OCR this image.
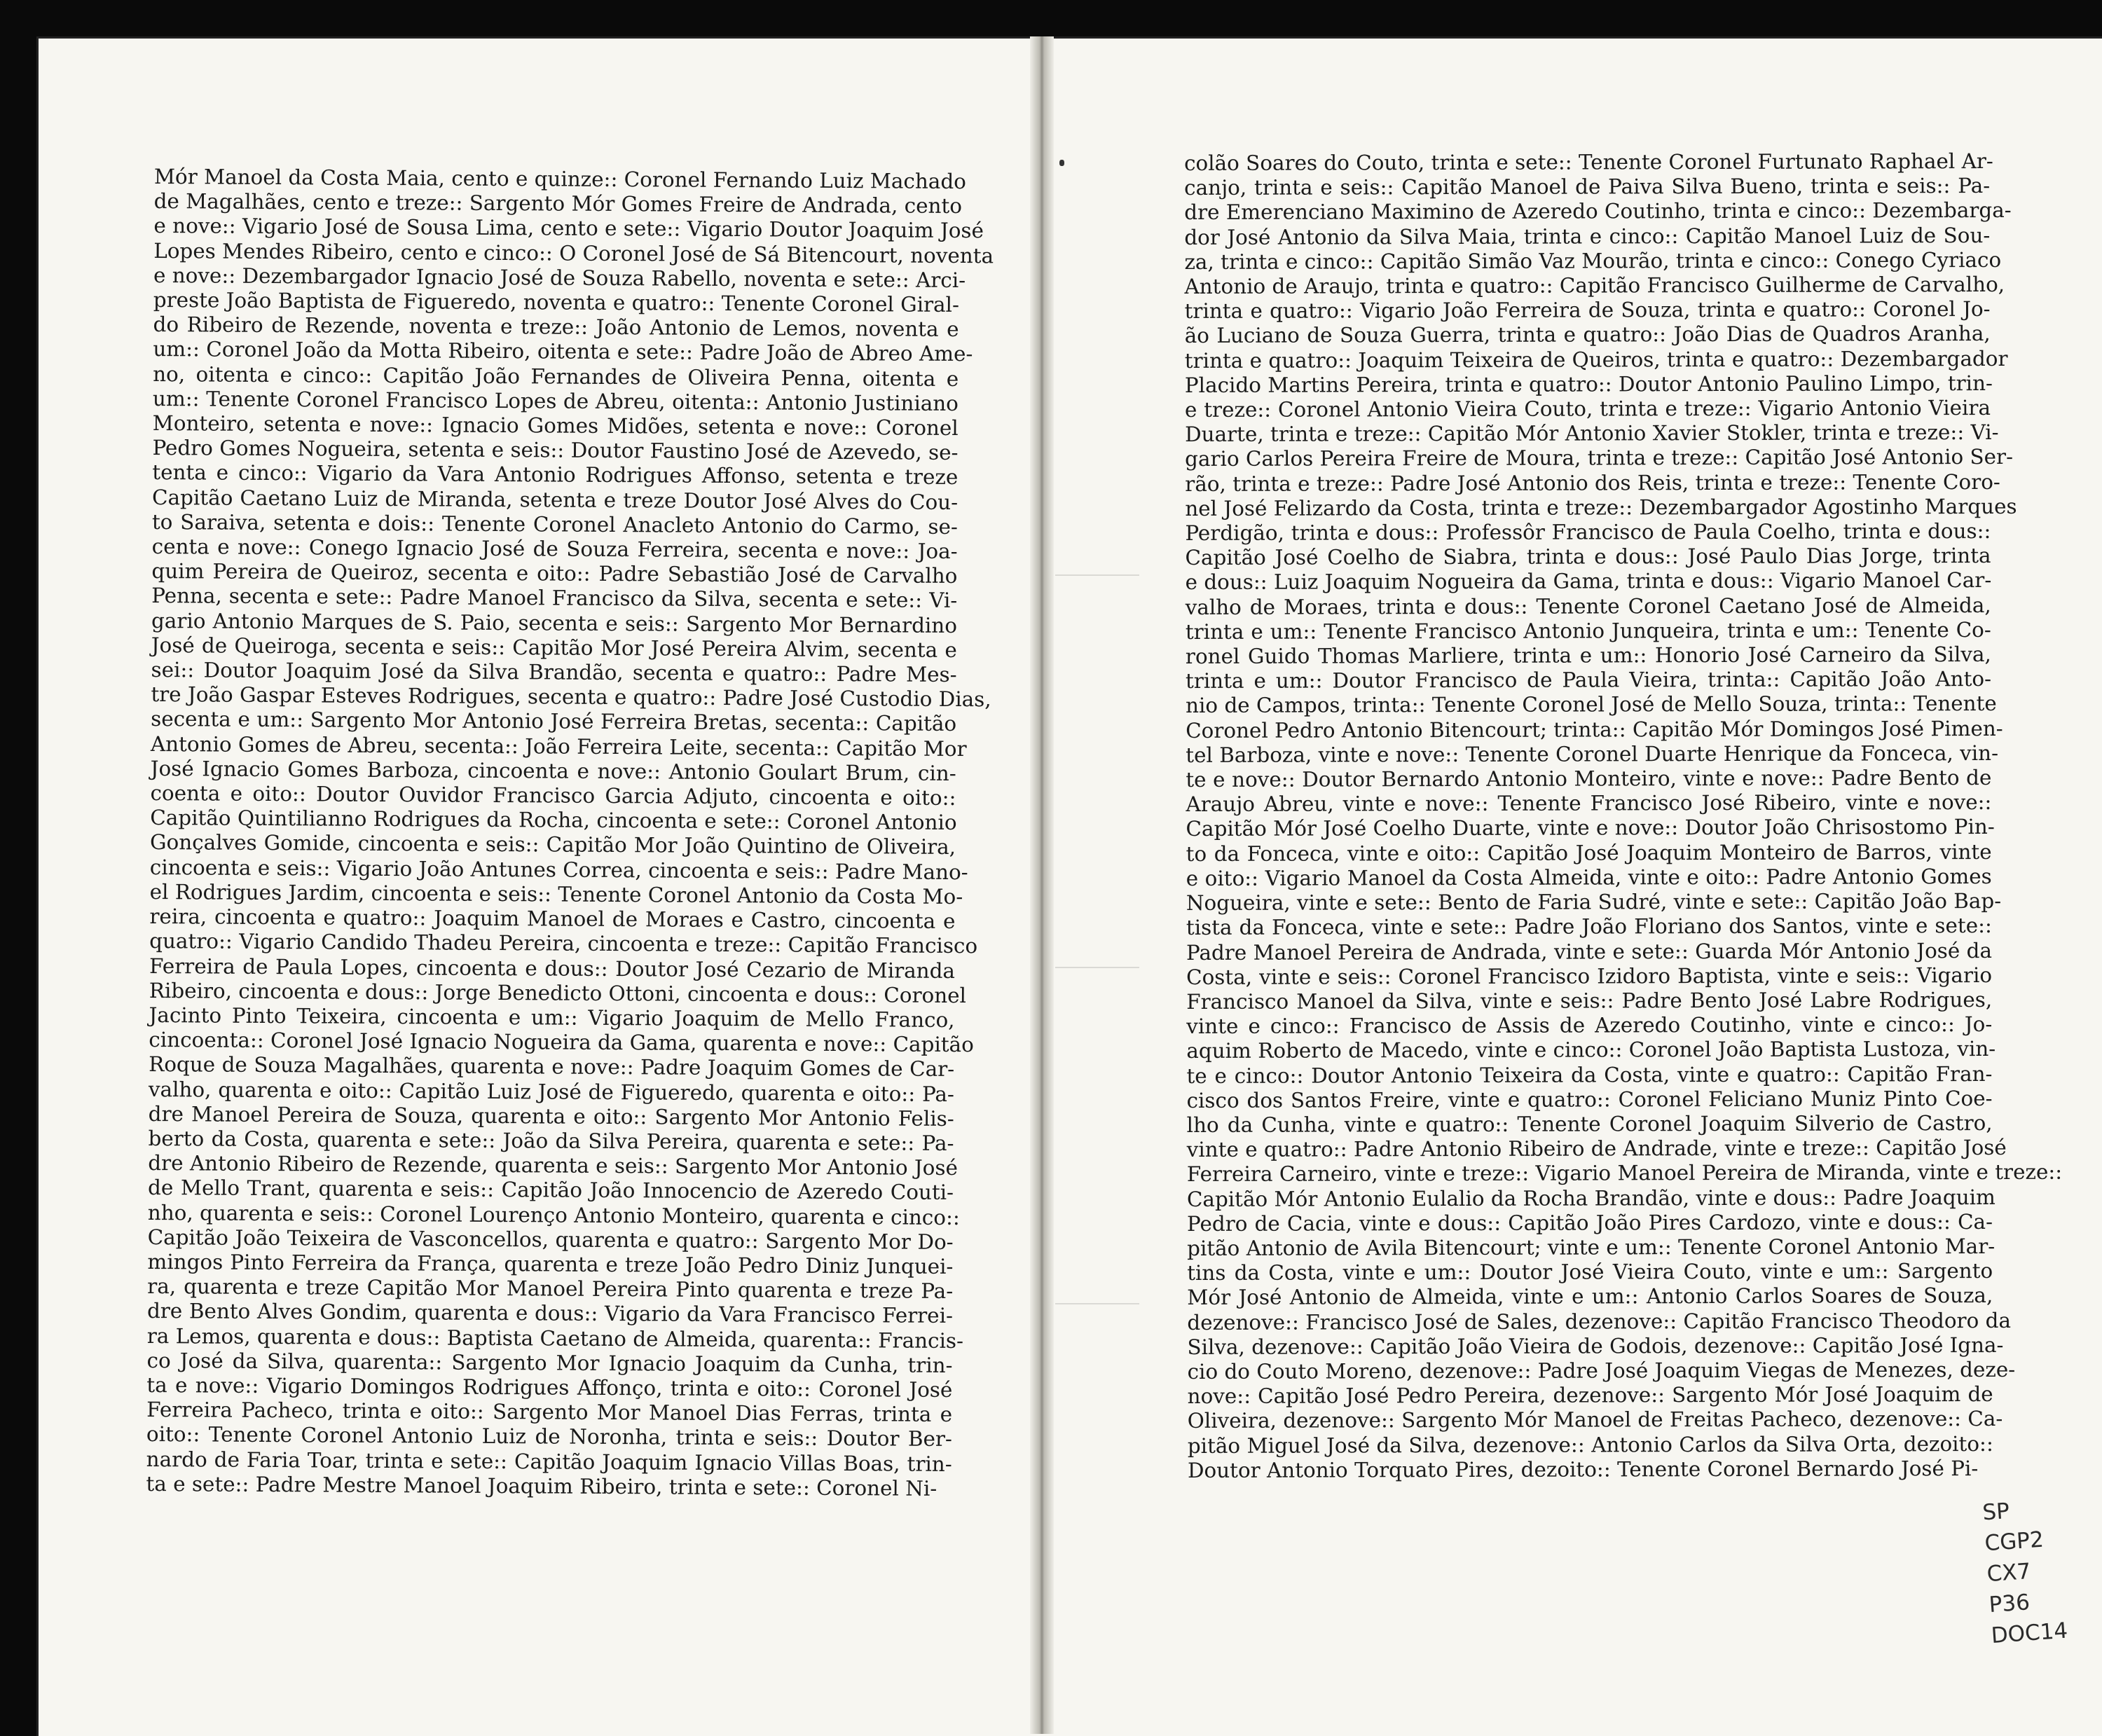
Mór Manoel da Costa Maia, cento e quinze:: Coronel Fernando Luiz Machado
de Magalhães, cento e treze:: Sargento Mór Gomes Freire de Andrada, cento
e nove:: Vigario José de Sousa Lima, cento e sete:: Vigario Doutor Joaquim José
Lopes Mendes Ribeiro, cento e cinco:: O Coronel José de Sá Bitencourt, noventa
e nove:: Dezembargador Ignacio José de Souza Rabello, noventa e sete:: Arci-
preste João Baptista de Figueredo, noventa e quatro:: Tenente Coronel Giral-
do Ribeiro de Rezende, noventa e treze:: João Antonio de Lemos, noventa e
um:: Coronel João da Motta Ribeiro, oitenta e sete:: Padre João de Abreo Ame-
no, oitenta e cinco:: Capitão João Fernandes de Oliveira Penna, oitenta e
um:: Tenente Coronel Francisco Lopes de Abreu, oitenta:: Antonio Justiniano
Monteiro, setenta e nove:: Ignacio Gomes Midões, setenta e nove:: Coronel
Pedro Gomes Nogueira, setenta e seis:: Doutor Faustino José de Azevedo, se-
tenta e cinco:: Vigario da Vara Antonio Rodrigues Affonso, setenta e treze
Capitão Caetano Luiz de Miranda, setenta e treze Doutor José Alves do Cou-
to Saraiva, setenta e dois:: Tenente Coronel Anacleto Antonio do Carmo, se-
centa e nove:: Conego Ignacio José de Souza Ferreira, secenta e nove:: Joa-
quim Pereira de Queiroz, secenta e oito:: Padre Sebastião José de Carvalho
Penna, secenta e sete:: Padre Manoel Francisco da Silva, secenta e sete:: Vi-
gario Antonio Marques de S. Paio, secenta e seis:: Sargento Mor Bernardino
José de Queiroga, secenta e seis:: Capitão Mor José Pereira Alvim, secenta e
sei:: Doutor Joaquim José da Silva Brandão, secenta e quatro:: Padre Mes-
tre João Gaspar Esteves Rodrigues, secenta e quatro:: Padre José Custodio Dias,
secenta e um:: Sargento Mor Antonio José Ferreira Bretas, secenta:: Capitão
Antonio Gomes de Abreu, secenta:: João Ferreira Leite, secenta:: Capitão Mor
José Ignacio Gomes Barboza, cincoenta e nove:: Antonio Goulart Brum, cin-
coenta e oito:: Doutor Ouvidor Francisco Garcia Adjuto, cincoenta e oito::
Capitão Quintilianno Rodrigues da Rocha, cincoenta e sete:: Coronel Antonio
Gonçalves Gomide, cincoenta e seis:: Capitão Mor João Quintino de Oliveira,
cincoenta e seis:: Vigario João Antunes Correa, cincoenta e seis:: Padre Mano-
el Rodrigues Jardim, cincoenta e seis:: Tenente Coronel Antonio da Costa Mo-
reira, cincoenta e quatro:: Joaquim Manoel de Moraes e Castro, cincoenta e
quatro:: Vigario Candido Thadeu Pereira, cincoenta e treze:: Capitão Francisco
Ferreira de Paula Lopes, cincoenta e dous:: Doutor José Cezario de Miranda
Ribeiro, cincoenta e dous:: Jorge Benedicto Ottoni, cincoenta e dous:: Coronel
Jacinto Pinto Teixeira, cincoenta e um:: Vigario Joaquim de Mello Franco,
cincoenta:: Coronel José Ignacio Nogueira da Gama, quarenta e nove:: Capitão
Roque de Souza Magalhães, quarenta e nove:: Padre Joaquim Gomes de Car-
valho, quarenta e oito:: Capitão Luiz José de Figueredo, quarenta e oito:: Pa-
dre Manoel Pereira de Souza, quarenta e oito:: Sargento Mor Antonio Felis-
berto da Costa, quarenta e sete:: João da Silva Pereira, quarenta e sete:: Pa-
dre Antonio Ribeiro de Rezende, quarenta e seis:: Sargento Mor Antonio José
de Mello Trant, quarenta e seis:: Capitão João Innocencio de Azeredo Couti-
nho, quarenta e seis:: Coronel Lourenço Antonio Monteiro, quarenta e cinco::
Capitão João Teixeira de Vasconcellos, quarenta e quatro:: Sargento Mor Do-
mingos Pinto Ferreira da França, quarenta e treze João Pedro Diniz Junquei-
ra, quarenta e treze Capitão Mor Manoel Pereira Pinto quarenta e treze Pa-
dre Bento Alves Gondim, quarenta e dous:: Vigario da Vara Francisco Ferrei-
ra Lemos, quarenta e dous:: Baptista Caetano de Almeida, quarenta:: Francis-
co José da Silva, quarenta:: Sargento Mor Ignacio Joaquim da Cunha, trin-
ta e nove:: Vigario Domingos Rodrigues Affonço, trinta e oito:: Coronel José
Ferreira Pacheco, trinta e oito:: Sargento Mor Manoel Dias Ferras, trinta e
oito:: Tenente Coronel Antonio Luiz de Noronha, trinta e seis:: Doutor Ber-
nardo de Faria Toar, trinta e sete:: Capitão Joaquim Ignacio Villas Boas, trin-
ta e sete:: Padre Mestre Manoel Joaquim Ribeiro, trinta e sete:: Coronel Ni-
colão Soares do Couto, trinta e sete:: Tenente Coronel Furtunato Raphael Ar-
canjo, trinta e seis:: Capitão Manoel de Paiva Silva Bueno, trinta e seis:: Pa-
dre Emerenciano Maximino de Azeredo Coutinho, trinta e cinco:: Dezembarga-
dor José Antonio da Silva Maia, trinta e cinco:: Capitão Manoel Luiz de Sou-
za, trinta e cinco:: Capitão Simão Vaz Mourão, trinta e cinco:: Conego Cyriaco
Antonio de Araujo, trinta e quatro:: Capitão Francisco Guilherme de Carvalho,
trinta e quatro:: Vigario João Ferreira de Souza, trinta e quatro:: Coronel Jo-
ão Luciano de Souza Guerra, trinta e quatro:: João Dias de Quadros Aranha,
trinta e quatro:: Joaquim Teixeira de Queiros, trinta e quatro:: Dezembargador
Placido Martins Pereira, trinta e quatro:: Doutor Antonio Paulino Limpo, trin-
e treze:: Coronel Antonio Vieira Couto, trinta e treze:: Vigario Antonio Vieira
Duarte, trinta e treze:: Capitão Mór Antonio Xavier Stokler, trinta e treze:: Vi-
gario Carlos Pereira Freire de Moura, trinta e treze:: Capitão José Antonio Ser-
rão, trinta e treze:: Padre José Antonio dos Reis, trinta e treze:: Tenente Coro-
nel José Felizardo da Costa, trinta e treze:: Dezembargador Agostinho Marques
Perdigão, trinta e dous:: Professôr Francisco de Paula Coelho, trinta e dous::
Capitão José Coelho de Siabra, trinta e dous:: José Paulo Dias Jorge, trinta
e dous:: Luiz Joaquim Nogueira da Gama, trinta e dous:: Vigario Manoel Car-
valho de Moraes, trinta e dous:: Tenente Coronel Caetano José de Almeida,
trinta e um:: Tenente Francisco Antonio Junqueira, trinta e um:: Tenente Co-
ronel Guido Thomas Marliere, trinta e um:: Honorio José Carneiro da Silva,
trinta e um:: Doutor Francisco de Paula Vieira, trinta:: Capitão João Anto-
nio de Campos, trinta:: Tenente Coronel José de Mello Souza, trinta:: Tenente
Coronel Pedro Antonio Bitencourt; trinta:: Capitão Mór Domingos José Pimen-
tel Barboza, vinte e nove:: Tenente Coronel Duarte Henrique da Fonceca, vin-
te e nove:: Doutor Bernardo Antonio Monteiro, vinte e nove:: Padre Bento de
Araujo Abreu, vinte e nove:: Tenente Francisco José Ribeiro, vinte e nove::
Capitão Mór José Coelho Duarte, vinte e nove:: Doutor João Chrisostomo Pin-
to da Fonceca, vinte e oito:: Capitão José Joaquim Monteiro de Barros, vinte
e oito:: Vigario Manoel da Costa Almeida, vinte e oito:: Padre Antonio Gomes
Nogueira, vinte e sete:: Bento de Faria Sudré, vinte e sete:: Capitão João Bap-
tista da Fonceca, vinte e sete:: Padre João Floriano dos Santos, vinte e sete::
Padre Manoel Pereira de Andrada, vinte e sete:: Guarda Mór Antonio José da
Costa, vinte e seis:: Coronel Francisco Izidoro Baptista, vinte e seis:: Vigario
Francisco Manoel da Silva, vinte e seis:: Padre Bento José Labre Rodrigues,
vinte e cinco:: Francisco de Assis de Azeredo Coutinho, vinte e cinco:: Jo-
aquim Roberto de Macedo, vinte e cinco:: Coronel João Baptista Lustoza, vin-
te e cinco:: Doutor Antonio Teixeira da Costa, vinte e quatro:: Capitão Fran-
cisco dos Santos Freire, vinte e quatro:: Coronel Feliciano Muniz Pinto Coe-
lho da Cunha, vinte e quatro:: Tenente Coronel Joaquim Silverio de Castro,
vinte e quatro:: Padre Antonio Ribeiro de Andrade, vinte e treze:: Capitão José
Ferreira Carneiro, vinte e treze:: Vigario Manoel Pereira de Miranda, vinte e treze::
Capitão Mór Antonio Eulalio da Rocha Brandão, vinte e dous:: Padre Joaquim
Pedro de Cacia, vinte e dous:: Capitão João Pires Cardozo, vinte e dous:: Ca-
pitão Antonio de Avila Bitencourt; vinte e um:: Tenente Coronel Antonio Mar-
tins da Costa, vinte e um:: Doutor José Vieira Couto, vinte e um:: Sargento
Mór José Antonio de Almeida, vinte e um:: Antonio Carlos Soares de Souza,
dezenove:: Francisco José de Sales, dezenove:: Capitão Francisco Theodoro da
Silva, dezenove:: Capitão João Vieira de Godois, dezenove:: Capitão José Igna-
cio do Couto Moreno, dezenove:: Padre José Joaquim Viegas de Menezes, deze-
nove:: Capitão José Pedro Pereira, dezenove:: Sargento Mór José Joaquim de
Oliveira, dezenove:: Sargento Mór Manoel de Freitas Pacheco, dezenove:: Ca-
pitão Miguel José da Silva, dezenove:: Antonio Carlos da Silva Orta, dezoito::
Doutor Antonio Torquato Pires, dezoito:: Tenente Coronel Bernardo José Pi-
SP
CGP2
CX7
P36
DOC14
